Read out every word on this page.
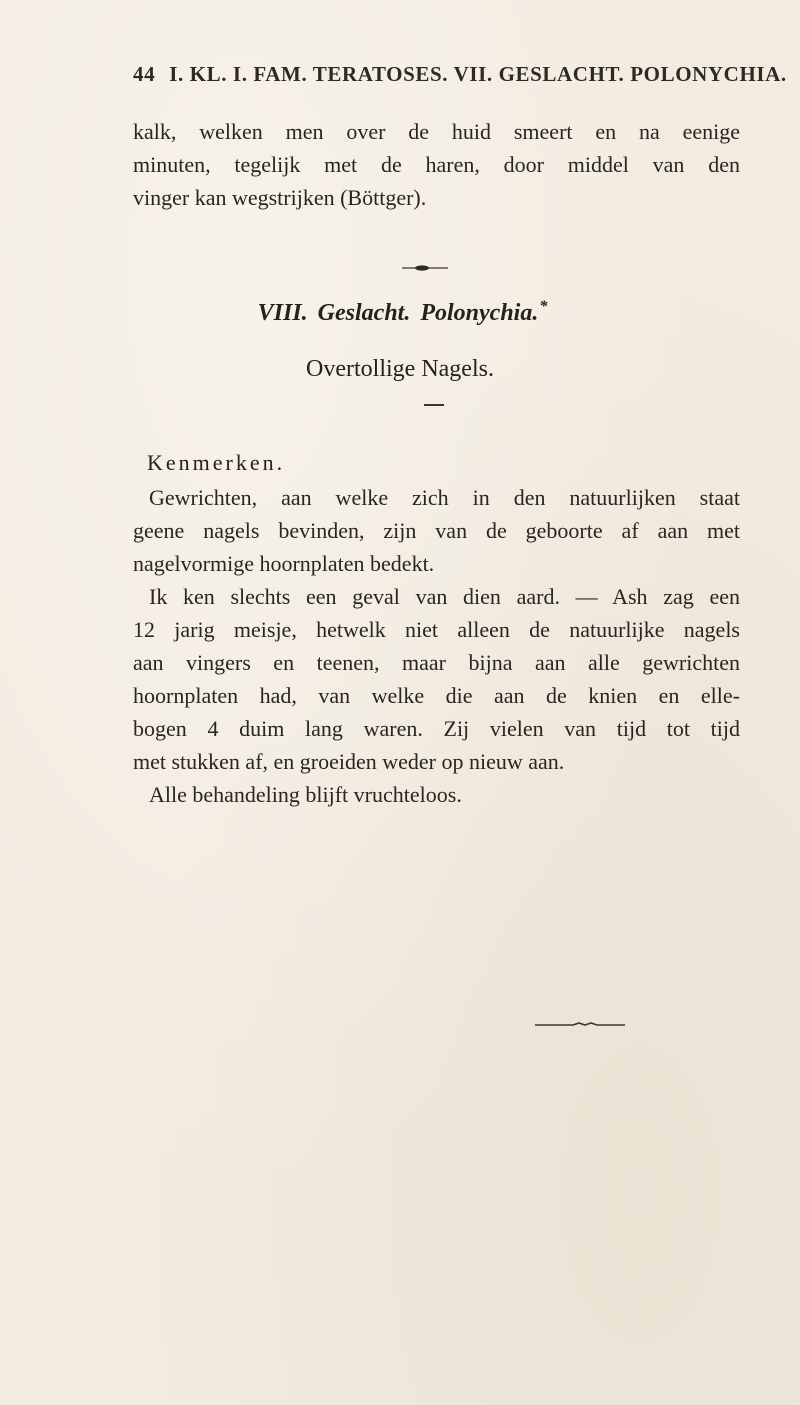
44 I. KL. I. FAM. TERATOSES. VII. GESLACHT. POLONYCHIA.
kalk, welken men over de huid smeert en na eenige
minuten, tegelijk met de haren, door middel van den
vinger kan wegstrijken (Böttger).
VIII. Geslacht. Polonychia.*
Overtollige Nagels.
Kenmerken.
Gewrichten, aan welke zich in den natuurlijken staat
geene nagels bevinden, zijn van de geboorte af aan met
nagelvormige hoornplaten bedekt.
Ik ken slechts een geval van dien aard. — Ash zag een
12 jarig meisje, hetwelk niet alleen de natuurlijke nagels
aan vingers en teenen, maar bijna aan alle gewrichten
hoornplaten had, van welke die aan de knien en elle-
bogen 4 duim lang waren. Zij vielen van tijd tot tijd
met stukken af, en groeiden weder op nieuw aan.
Alle behandeling blijft vruchteloos.
